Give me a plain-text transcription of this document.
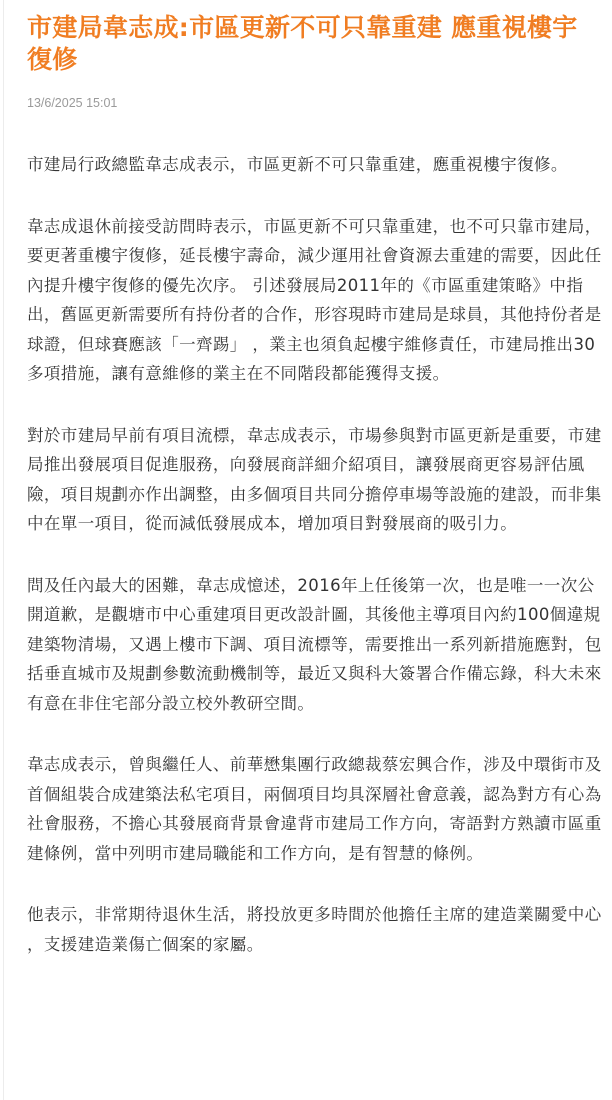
市建局韋志成:市區更新不可只靠重建 應重視樓宇復修
13/6/2025 15:01

市建局行政總監韋志成表示，市區更新不可只靠重建，應重視樓宇復修。

韋志成退休前接受訪問時表示，市區更新不可只靠重建，也不可只靠市建局，要更著重樓宇復修，延長樓宇壽命，減少運用社會資源去重建的需要，因此任內提升樓宇復修的優先次序。 引述發展局2011年的《市區重建策略》中指出，舊區更新需要所有持份者的合作，形容現時市建局是球員，其他持份者是球證，但球賽應該「一齊踢」 ，業主也須負起樓宇維修責任，市建局推出30多項措施，讓有意維修的業主在不同階段都能獲得支援。

對於市建局早前有項目流標，韋志成表示，市場參與對市區更新是重要，市建局推出發展項目促進服務，向發展商詳細介紹項目，讓發展商更容易評估風險，項目規劃亦作出調整，由多個項目共同分擔停車場等設施的建設，而非集中在單一項目，從而減低發展成本，增加項目對發展商的吸引力。

問及任內最大的困難，韋志成憶述，2016年上任後第一次，也是唯一一次公開道歉，是觀塘市中心重建項目更改設計圖，其後他主導項目內約100個違規建築物清場，又遇上樓市下調、項目流標等，需要推出一系列新措施應對，包括垂直城市及規劃參數流動機制等，最近又與科大簽署合作備忘錄，科大未來有意在非住宅部分設立校外教研空間。

韋志成表示，曾與繼任人、前華懋集團行政總裁蔡宏興合作，涉及中環街市及首個組裝合成建築法私宅項目，兩個項目均具深層社會意義，認為對方有心為社會服務，不擔心其發展商背景會違背市建局工作方向，寄語對方熟讀市區重建條例，當中列明市建局職能和工作方向，是有智慧的條例。

他表示，非常期待退休生活，將投放更多時間於他擔任主席的建造業關愛中心 ，支援建造業傷亡個案的家屬。
